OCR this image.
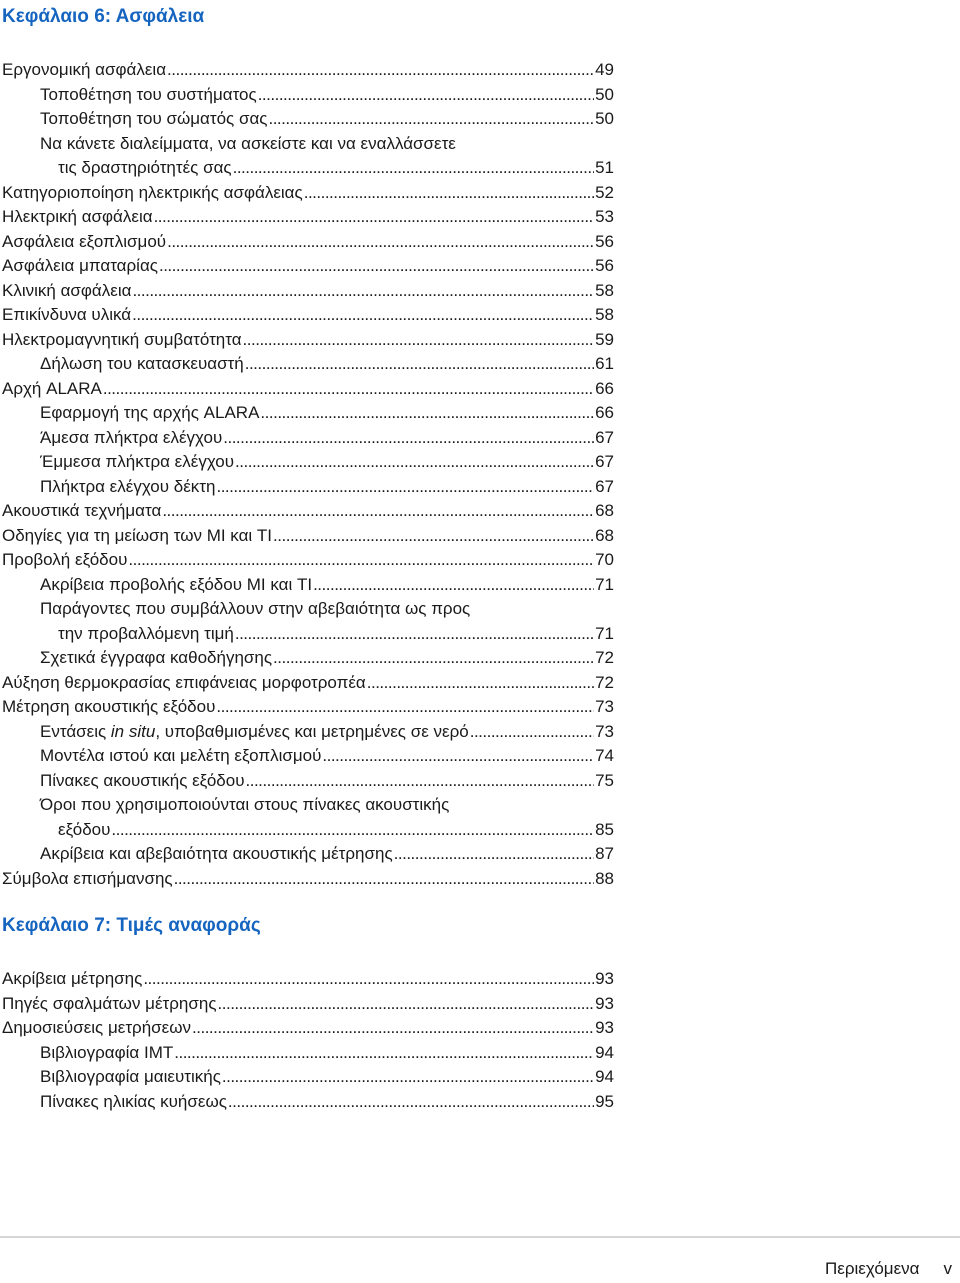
Κεφάλαιο 6: Ασφάλεια
Εργονομική ασφάλεια .....	49
Τοποθέτηση του συστήματος .....	50
Τοποθέτηση του σώματός σας .....	50
Να κάνετε διαλείμματα, να ασκείστε και να εναλλάσσετε
τις δραστηριότητές σας .....	51
Κατηγοριοποίηση ηλεκτρικής ασφάλειας .....	52
Ηλεκτρική ασφάλεια .....	53
Ασφάλεια εξοπλισμού .....	56
Ασφάλεια μπαταρίας .....	56
Κλινική ασφάλεια .....	58
Επικίνδυνα υλικά .....	58
Ηλεκτρομαγνητική συμβατότητα .....	59
Δήλωση του κατασκευαστή .....	61
Αρχή ALARA .....	66
Εφαρμογή της αρχής ALARA .....	66
Άμεσα πλήκτρα ελέγχου .....	67
Έμμεσα πλήκτρα ελέγχου .....	67
Πλήκτρα ελέγχου δέκτη .....	67
Ακουστικά τεχνήματα .....	68
Οδηγίες για τη μείωση των MI και TI .....	68
Προβολή εξόδου .....	70
Ακρίβεια προβολής εξόδου MI και TI .....	71
Παράγοντες που συμβάλλουν στην αβεβαιότητα ως προς
την προβαλλόμενη τιμή .....	71
Σχετικά έγγραφα καθοδήγησης .....	72
Αύξηση θερμοκρασίας επιφάνειας μορφοτροπέα .....	72
Μέτρηση ακουστικής εξόδου .....	73
Εντάσεις in situ, υποβαθμισμένες και μετρημένες σε νερό .....	73
Μοντέλα ιστού και μελέτη εξοπλισμού .....	74
Πίνακες ακουστικής εξόδου .....	75
Όροι που χρησιμοποιούνται στους πίνακες ακουστικής
εξόδου .....	85
Ακρίβεια και αβεβαιότητα ακουστικής μέτρησης .....	87
Σύμβολα επισήμανσης .....	88
Κεφάλαιο 7: Τιμές αναφοράς
Ακρίβεια μέτρησης .....	93
Πηγές σφαλμάτων μέτρησης .....	93
Δημοσιεύσεις μετρήσεων .....	93
Βιβλιογραφία IMT .....	94
Βιβλιογραφία μαιευτικής .....	94
Πίνακες ηλικίας κυήσεως .....	95
Περιεχόμενα v
